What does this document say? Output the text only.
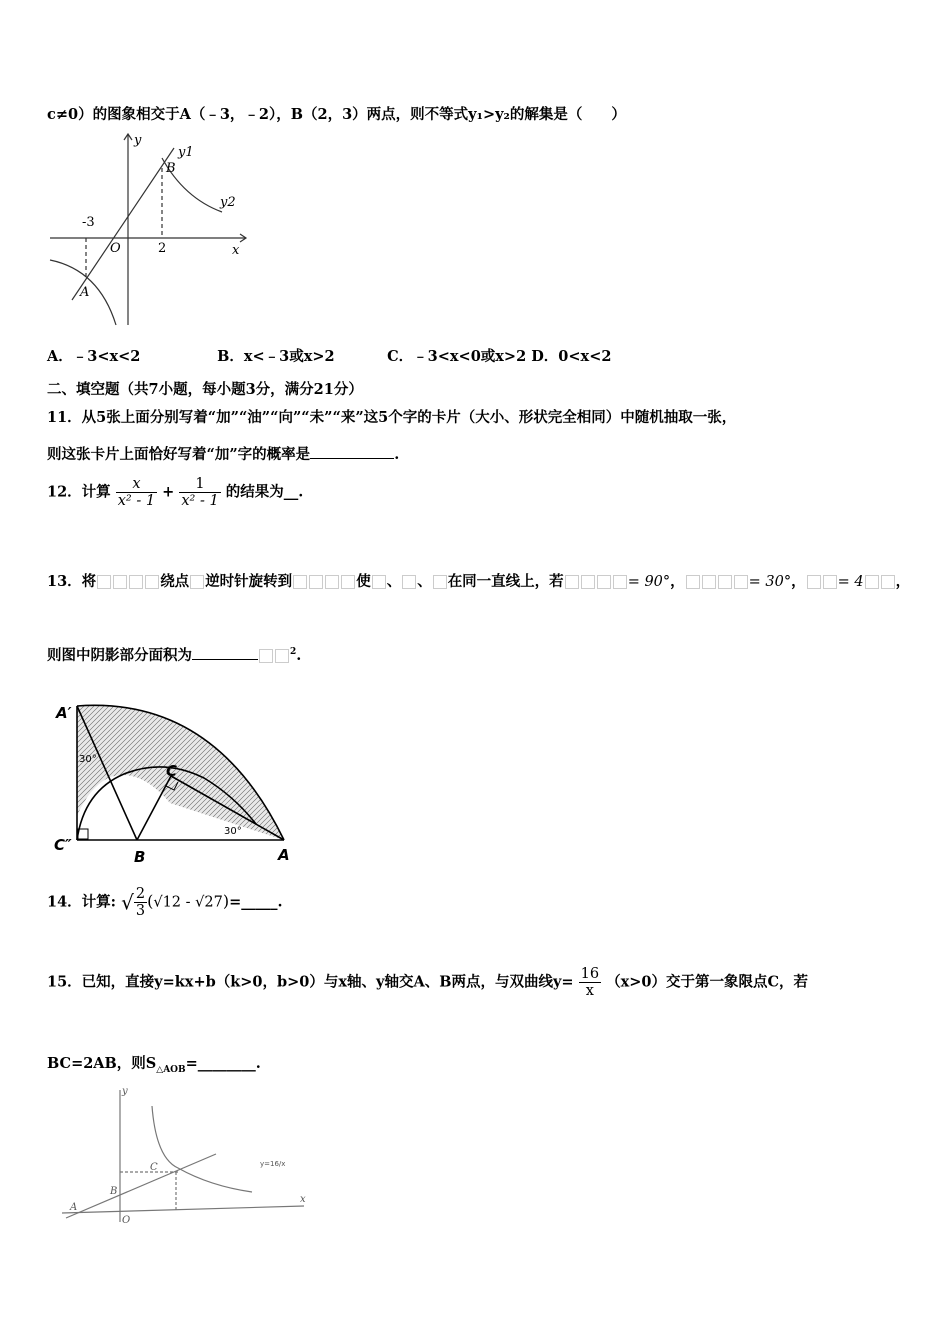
c≠0）的图象相交于A（﹣3，﹣2），B（2，3）两点，则不等式y₁>y₂的解集是（　　）
y
x
O
y1
y2
B
A
-3
2
A．﹣3<x<2	B．x<﹣3或x>2	C．﹣3<x<0或x>2 D．0<x<2
二、填空题（共7小题，每小题3分，满分21分）
11．从5张上面分别写着“加”“油”“向”“未”“来”这5个字的卡片（大小、形状完全相同）中随机抽取一张，
则这张卡片上面恰好写着“加”字的概率是	.
12．计算 $\frac{x}{\text{x² - 1}} + \frac{1}{\text{x² - 1}}$ 的结果为__.
13．将	绕点 逆时针旋转到	使 、 、 在同一直线上，若	= 90°，	= 30°， = 4 ，
则图中阴影部分面积为	$^2$.
A′
C″
B	A
C
30°
30°
14．计算: √ $\frac{2}{3} (√12$ - √27)=_____.
15．已知，直接y=kx+b（k>0，b>0）与x轴、y轴交A、B两点，与双曲线$y= \frac{16}{x} (x>0)$交于第一象限点C，若
BC=2AB，则$S_{\triangle AOB}=\_\_\_\_\_\_\_\_$.
y
x
C
B
A
O
y=16/x
